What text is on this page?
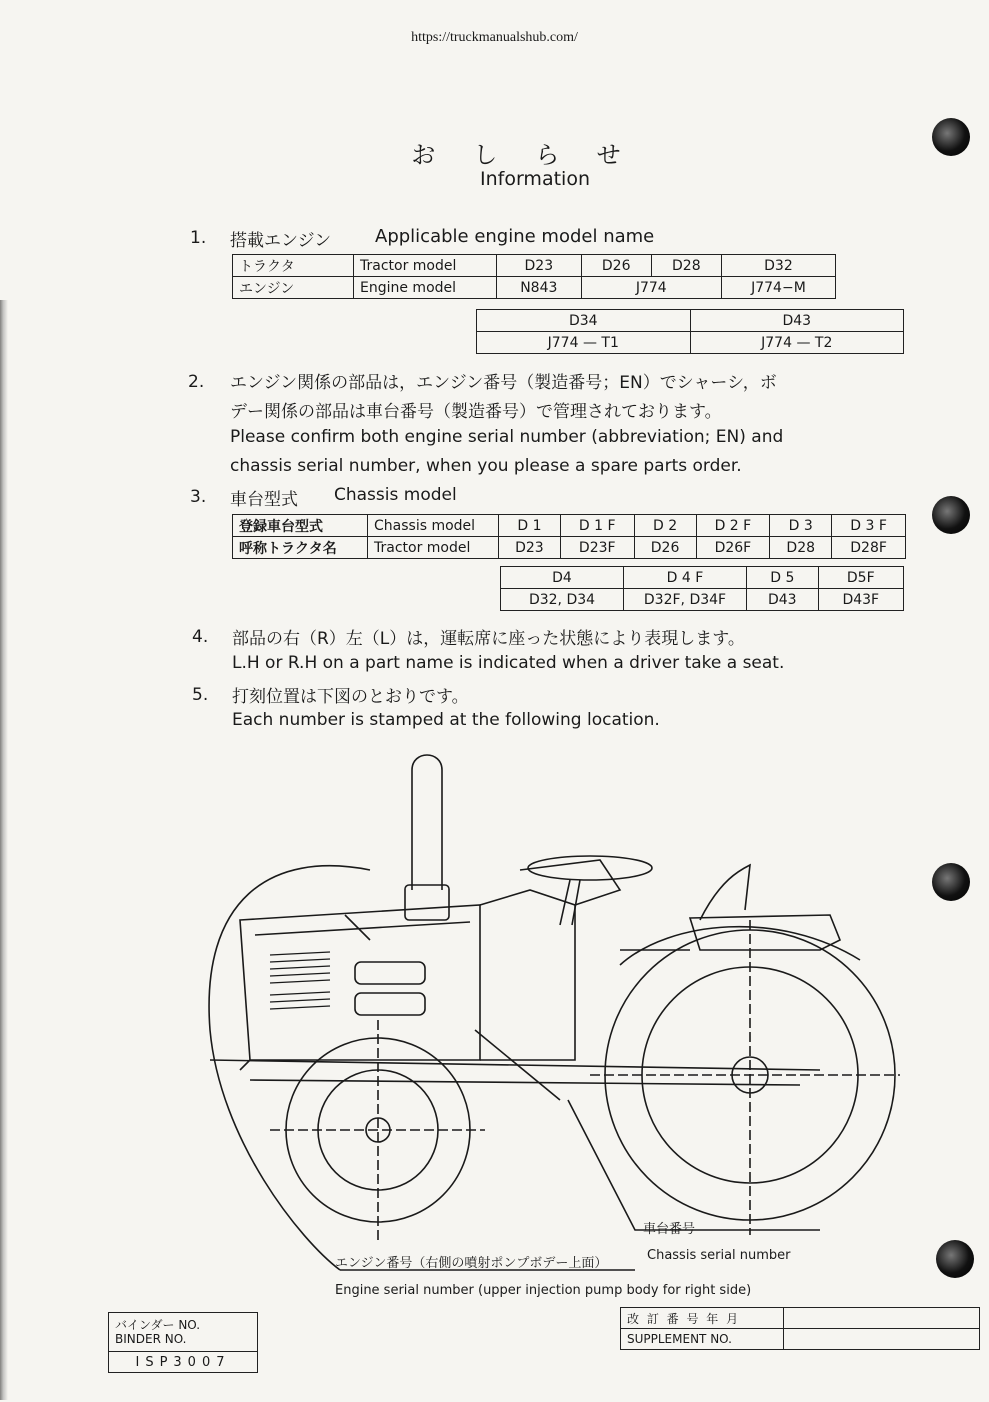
https://truckmanualshub.com/
おしらせ
Information
1. 搭載エンジン Applicable engine model name
トラクタ	Tractor model	D23	D26	D28	D32
エンジン	Engine model	N843	J774		J774−M
D34	D43
J774 — T1	J774 — T2
2. エンジン関係の部品は，エンジン番号（製造番号；EN）でシャーシ，ボ
デー関係の部品は車台番号（製造番号）で管理されております。
Please confirm both engine serial number (abbreviation; EN) and
chassis serial number, when you please a spare parts order.
3. 車台型式 Chassis model
登録車台型式	Chassis model	D 1	D 1 F	D 2	D 2 F	D 3	D 3 F
呼称トラクタ名	Tractor model	D23	D23F	D26	D26F	D28	D28F
D4	D 4 F	D 5	D5F
D32, D34	D32F, D34F	D43	D43F
4. 部品の右（R）左（L）は，運転席に座った状態により表現します。
L.H or R.H on a part name is indicated when a driver take a seat.
5. 打刻位置は下図のとおりです。
Each number is stamped at the following location.
車台番号
Chassis serial number
エンジン番号（右側の噴射ポンプボデー上面）
Engine serial number (upper injection pump body for right side)
バインダー NO.
BINDER NO.

ISP3007
改 訂 番 号 年 月	
SUPPLEMENT NO.	
